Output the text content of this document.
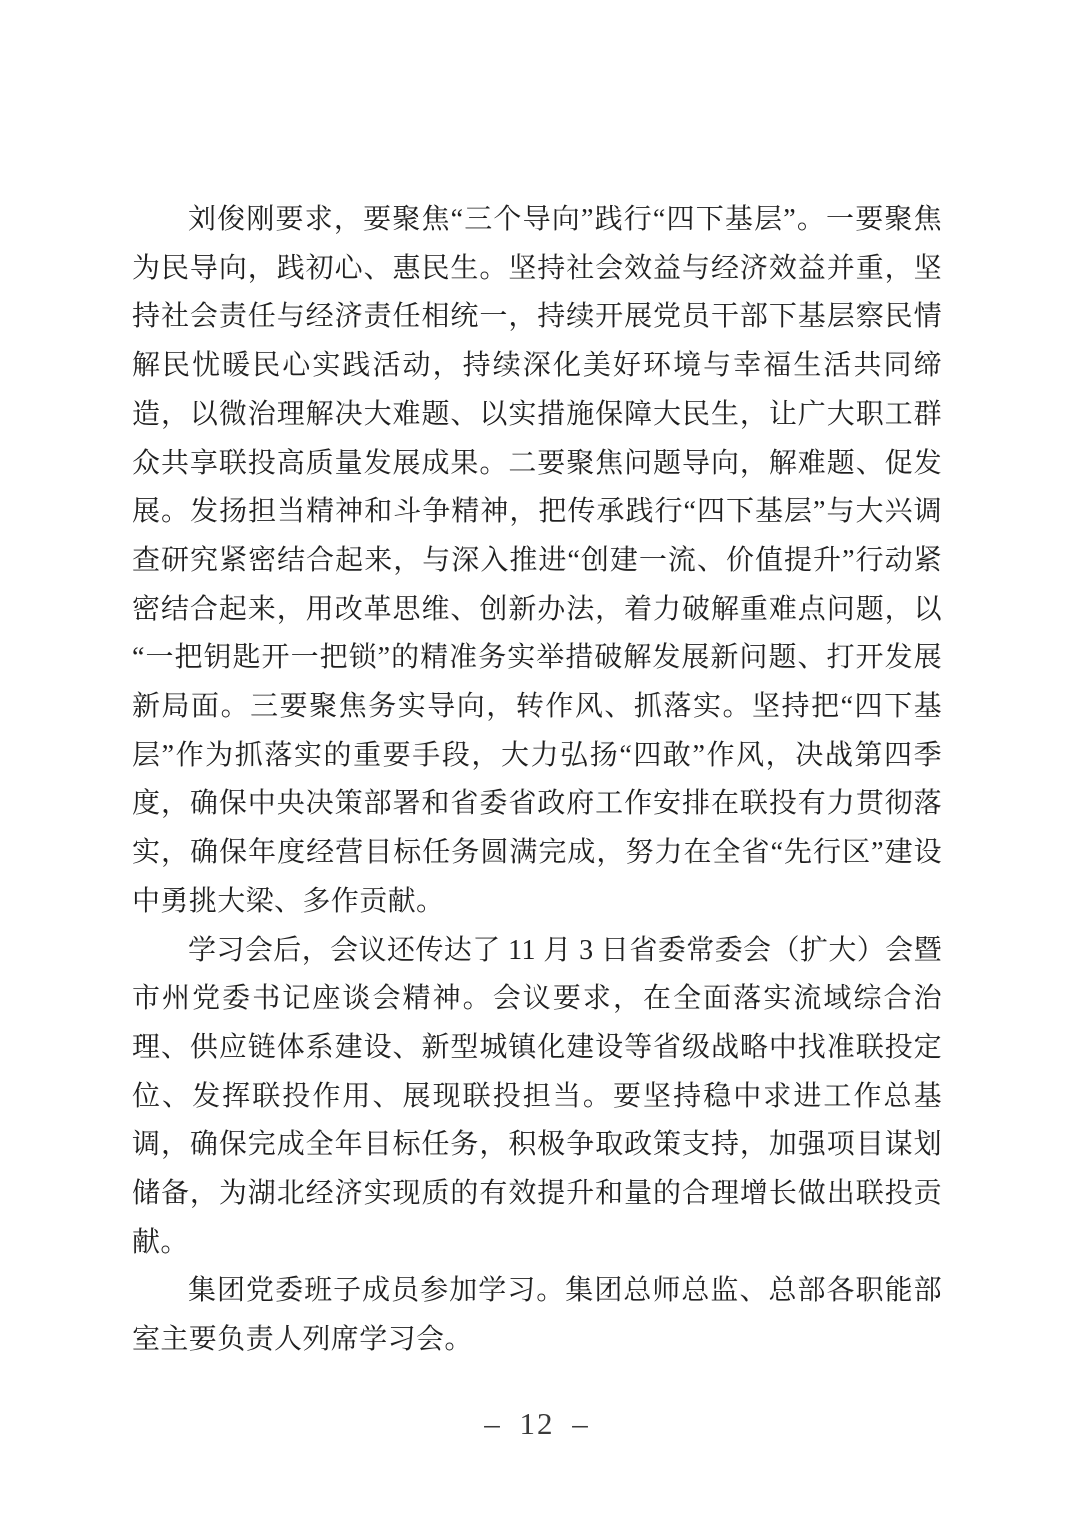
刘俊刚要求，要聚焦“三个导向”践行“四下基层”。一要聚焦为民导向，践初心、惠民生。坚持社会效益与经济效益并重，坚持社会责任与经济责任相统一，持续开展党员干部下基层察民情解民忧暖民心实践活动，持续深化美好环境与幸福生活共同缔造，以微治理解决大难题、以实措施保障大民生，让广大职工群众共享联投高质量发展成果。二要聚焦问题导向，解难题、促发展。发扬担当精神和斗争精神，把传承践行“四下基层”与大兴调查研究紧密结合起来，与深入推进“创建一流、价值提升”行动紧密结合起来，用改革思维、创新办法，着力破解重难点问题，以“一把钥匙开一把锁”的精准务实举措破解发展新问题、打开发展新局面。三要聚焦务实导向，转作风、抓落实。坚持把“四下基层”作为抓落实的重要手段，大力弘扬“四敢”作风，决战第四季度，确保中央决策部署和省委省政府工作安排在联投有力贯彻落实，确保年度经营目标任务圆满完成，努力在全省“先行区”建设中勇挑大梁、多作贡献。

学习会后，会议还传达了 11 月 3 日省委常委会（扩大）会暨市州党委书记座谈会精神。会议要求，在全面落实流域综合治理、供应链体系建设、新型城镇化建设等省级战略中找准联投定位、发挥联投作用、展现联投担当。要坚持稳中求进工作总基调，确保完成全年目标任务，积极争取政策支持，加强项目谋划储备，为湖北经济实现质的有效提升和量的合理增长做出联投贡献。

集团党委班子成员参加学习。集团总师总监、总部各职能部室主要负责人列席学习会。

– 12 –
